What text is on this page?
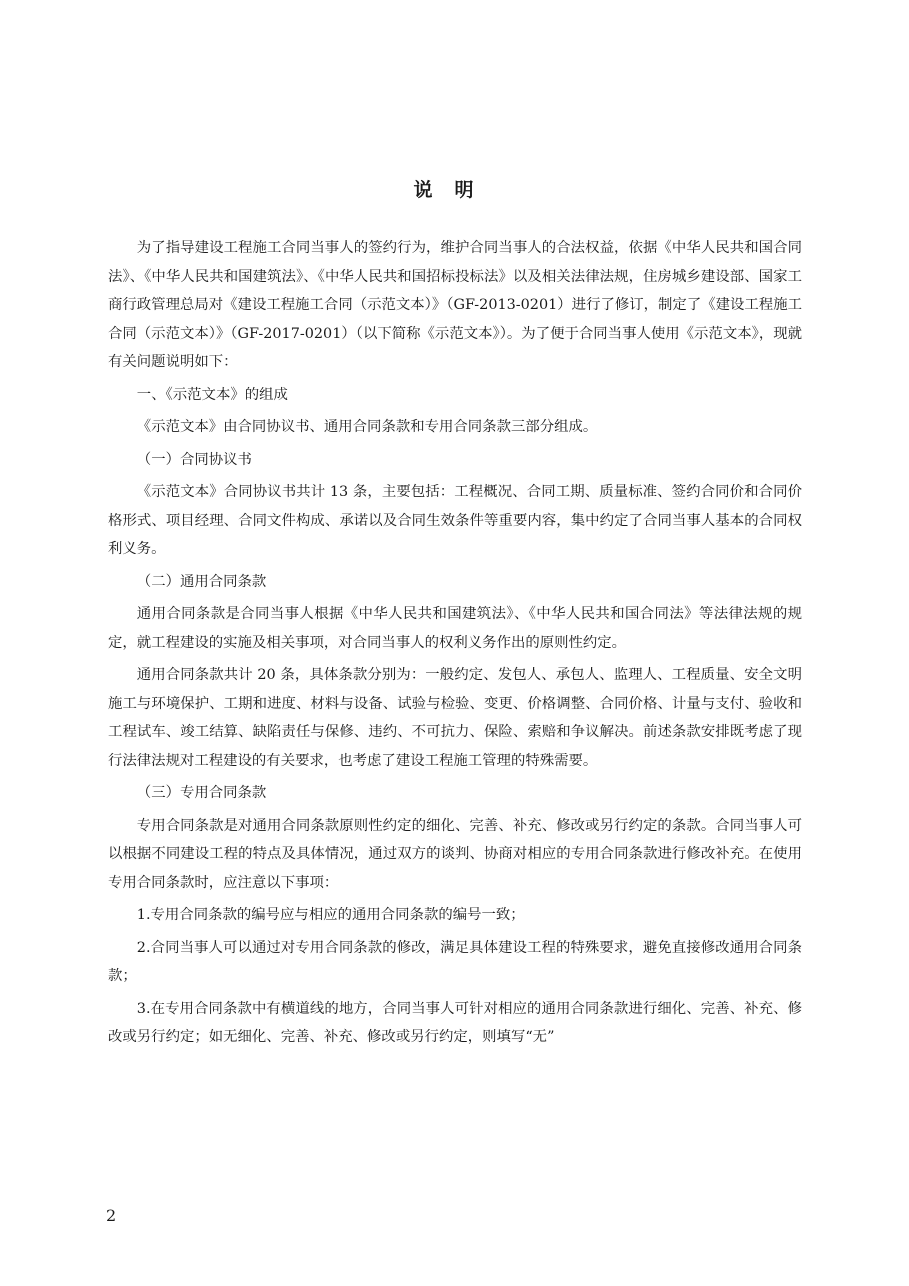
说明

为了指导建设工程施工合同当事人的签约行为，维护合同当事人的合法权益，依据《中华人民共和国合同法》、《中华人民共和国建筑法》、《中华人民共和国招标投标法》以及相关法律法规，住房城乡建设部、国家工商行政管理总局对《建设工程施工合同（示范文本）》（GF-2013-0201）进行了修订，制定了《建设工程施工合同（示范文本）》（GF-2017-0201）（以下简称《示范文本》）。为了便于合同当事人使用《示范文本》，现就有关问题说明如下：

一、《示范文本》的组成

《示范文本》由合同协议书、通用合同条款和专用合同条款三部分组成。

（一）合同协议书

《示范文本》合同协议书共计 13 条，主要包括：工程概况、合同工期、质量标准、签约合同价和合同价格形式、项目经理、合同文件构成、承诺以及合同生效条件等重要内容，集中约定了合同当事人基本的合同权利义务。

（二）通用合同条款

通用合同条款是合同当事人根据《中华人民共和国建筑法》、《中华人民共和国合同法》等法律法规的规定，就工程建设的实施及相关事项，对合同当事人的权利义务作出的原则性约定。

通用合同条款共计 20 条，具体条款分别为：一般约定、发包人、承包人、监理人、工程质量、安全文明施工与环境保护、工期和进度、材料与设备、试验与检验、变更、价格调整、合同价格、计量与支付、验收和工程试车、竣工结算、缺陷责任与保修、违约、不可抗力、保险、索赔和争议解决。前述条款安排既考虑了现行法律法规对工程建设的有关要求，也考虑了建设工程施工管理的特殊需要。

（三）专用合同条款

专用合同条款是对通用合同条款原则性约定的细化、完善、补充、修改或另行约定的条款。合同当事人可以根据不同建设工程的特点及具体情况，通过双方的谈判、协商对相应的专用合同条款进行修改补充。在使用专用合同条款时，应注意以下事项：

1.专用合同条款的编号应与相应的通用合同条款的编号一致；

2.合同当事人可以通过对专用合同条款的修改，满足具体建设工程的特殊要求，避免直接修改通用合同条款；

3.在专用合同条款中有横道线的地方，合同当事人可针对相应的通用合同条款进行细化、完善、补充、修改或另行约定；如无细化、完善、补充、修改或另行约定，则填写“无”

2
